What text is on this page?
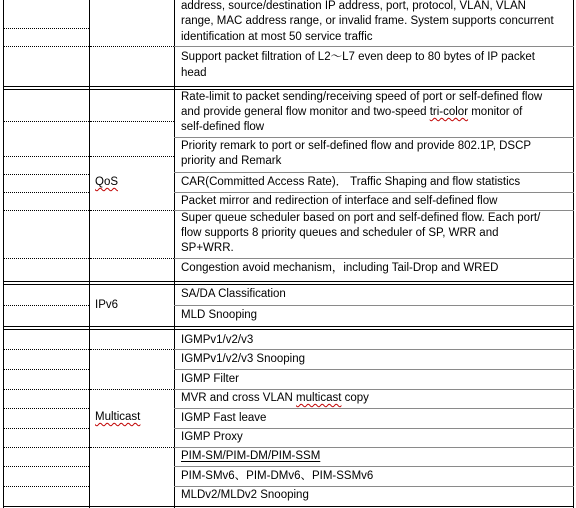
address, source/destination IP address, port, protocol, VLAN, VLAN
range, MAC address range, or invalid frame. System supports concurrent
identification at most 50 service traffic
Support packet filtration of L2〜L7 even deep to 80 bytes of IP packet
head
QoS
Rate-limit to packet sending/receiving speed of port or self-defined flow
and provide general flow monitor and two-speed tri-color monitor of
self-defined flow
Priority remark to port or self-defined flow and provide 802.1P, DSCP
priority and Remark
CAR(Committed Access Rate)． Traffic Shaping and flow statistics
Packet mirror and redirection of interface and self-defined flow
Super queue scheduler based on port and self-defined flow. Each port/
flow supports 8 priority queues and scheduler of SP, WRR and
SP+WRR.
Congestion avoid mechanism，including Tail-Drop and WRED
IPv6
SA/DA Classification
MLD Snooping
Multicast
IGMPv1/v2/v3
IGMPv1/v2/v3 Snooping
IGMP Filter
MVR and cross VLAN multicast copy
IGMP Fast leave
IGMP Proxy
PIM-SM/PIM-DM/PIM-SSM
PIM-SMv6、PIM-DMv6、PIM-SSMv6
MLDv2/MLDv2 Snooping
